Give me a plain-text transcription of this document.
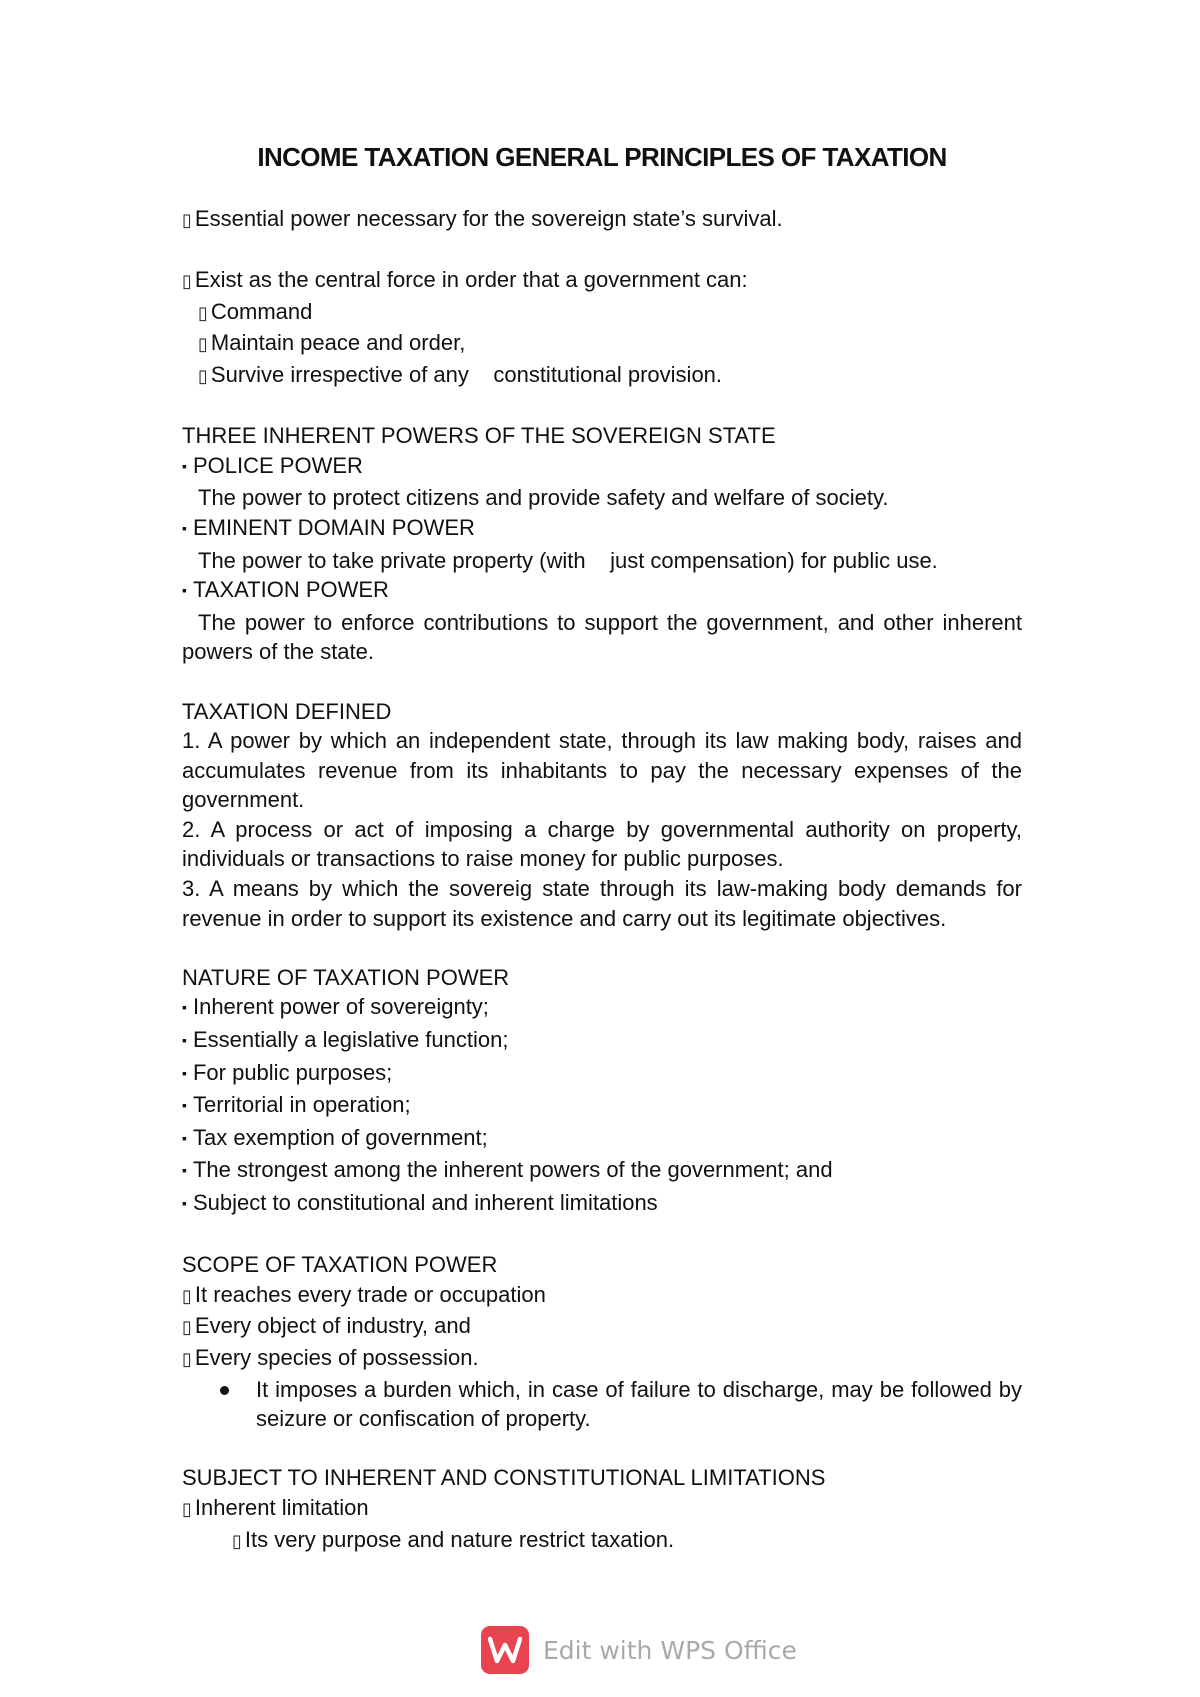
INCOME TAXATION GENERAL PRINCIPLES OF TAXATION

▯ Essential power necessary for the sovereign state’s survival.

▯ Exist as the central force in order that a government can:

▯ Command

▯ Maintain peace and order,

▯ Survive irrespective of any    constitutional provision.

THREE INHERENT POWERS OF THE SOVEREIGN STATE

▪ POLICE POWER

The power to protect citizens and provide safety and welfare of society.

▪ EMINENT DOMAIN POWER

The power to take private property (with    just compensation) for public use.

▪ TAXATION POWER

The power to enforce contributions to support the government, and other inherent powers of the state.

TAXATION DEFINED

1. A power by which an independent state, through its law making body, raises and accumulates revenue from its inhabitants to pay the necessary expenses of the government.

2. A process or act of imposing a charge by governmental authority on property, individuals or transactions to raise money for public purposes.

3. A means by which the sovereig state through its law-making body demands for revenue in order to support its existence and carry out its legitimate objectives.

NATURE OF TAXATION POWER

▪ Inherent power of sovereignty;

▪ Essentially a legislative function;

▪ For public purposes;

▪ Territorial in operation;

▪ Tax exemption of government;

▪ The strongest among the inherent powers of the government; and

▪ Subject to constitutional and inherent limitations

SCOPE OF TAXATION POWER

▯ It reaches every trade or occupation

▯ Every object of industry, and

▯ Every species of possession.

It imposes a burden which, in case of failure to discharge, may be followed by seizure or confiscation of property.

SUBJECT TO INHERENT AND CONSTITUTIONAL LIMITATIONS

▯ Inherent limitation

▯ Its very purpose and nature restrict taxation.

Edit with WPS Office
